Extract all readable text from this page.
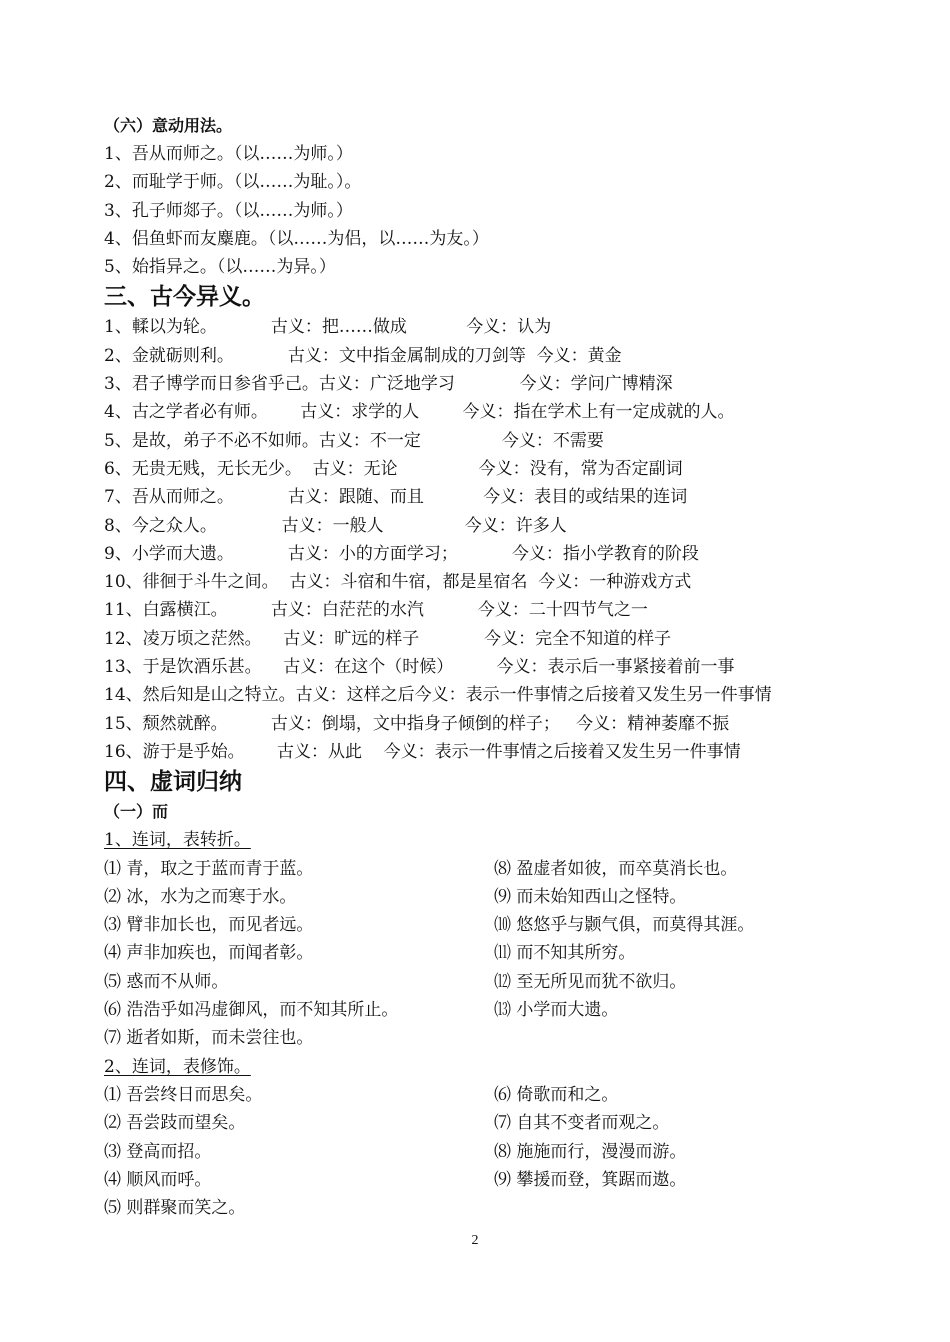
（六）意动用法。
1、吾从而师之。（以……为师。）
2、而耻学于师。（以……为耻。）。
3、孔子师郯子。（以……为师。）
4、侣鱼虾而友麋鹿。（以……为侣，以……为友。）
5、始指异之。（以……为异。）
三、古今异义。
1、輮以为轮。          古义：把……做成           今义：认为
2、金就砺则利。          古义：文中指金属制成的刀剑等  今义：黄金
3、君子博学而日参省乎己。古义：广泛地学习            今义：学问广博精深
4、古之学者必有师。      古义：求学的人        今义：指在学术上有一定成就的人。
5、是故，弟子不必不如师。古义：不一定               今义：不需要
6、无贵无贱，无长无少。  古义：无论               今义：没有，常为否定副词
7、吾从而师之。          古义：跟随、而且           今义：表目的或结果的连词
8、今之众人。            古义：一般人               今义：许多人
9、小学而大遗。          古义：小的方面学习；          今义：指小学教育的阶段
10、徘徊于斗牛之间。  古义：斗宿和牛宿，都是星宿名  今义：一种游戏方式
11、白露横江。        古义：白茫茫的水汽          今义：二十四节气之一
12、凌万顷之茫然。    古义：旷远的样子            今义：完全不知道的样子
13、于是饮酒乐甚。    古义：在这个（时候）        今义：表示后一事紧接着前一事
14、然后知是山之特立。古义：这样之后今义：表示一件事情之后接着又发生另一件事情
15、颓然就醉。        古义：倒塌，文中指身子倾倒的样子；   今义：精神萎靡不振
16、游于是乎始。      古义：从此    今义：表示一件事情之后接着又发生另一件事情
四、虚词归纳
（一）而
1、连词，表转折。
⑴ 青，取之于蓝而青于蓝。
⑵ 冰，水为之而寒于水。
⑶ 臂非加长也，而见者远。
⑷ 声非加疾也，而闻者彰。
⑸ 惑而不从师。
⑹ 浩浩乎如冯虚御风，而不知其所止。
⑺ 逝者如斯，而未尝往也。
⑻ 盈虚者如彼，而卒莫消长也。
⑼ 而未始知西山之怪特。
⑽ 悠悠乎与颢气俱，而莫得其涯。
⑾ 而不知其所穷。
⑿ 至无所见而犹不欲归。
⒀ 小学而大遗。
2、连词，表修饰。
⑴ 吾尝终日而思矣。
⑵ 吾尝跂而望矣。
⑶ 登高而招。
⑷ 顺风而呼。
⑸ 则群聚而笑之。
⑹ 倚歌而和之。
⑺ 自其不变者而观之。
⑻ 施施而行，漫漫而游。
⑼ 攀援而登，箕踞而遨。
2
